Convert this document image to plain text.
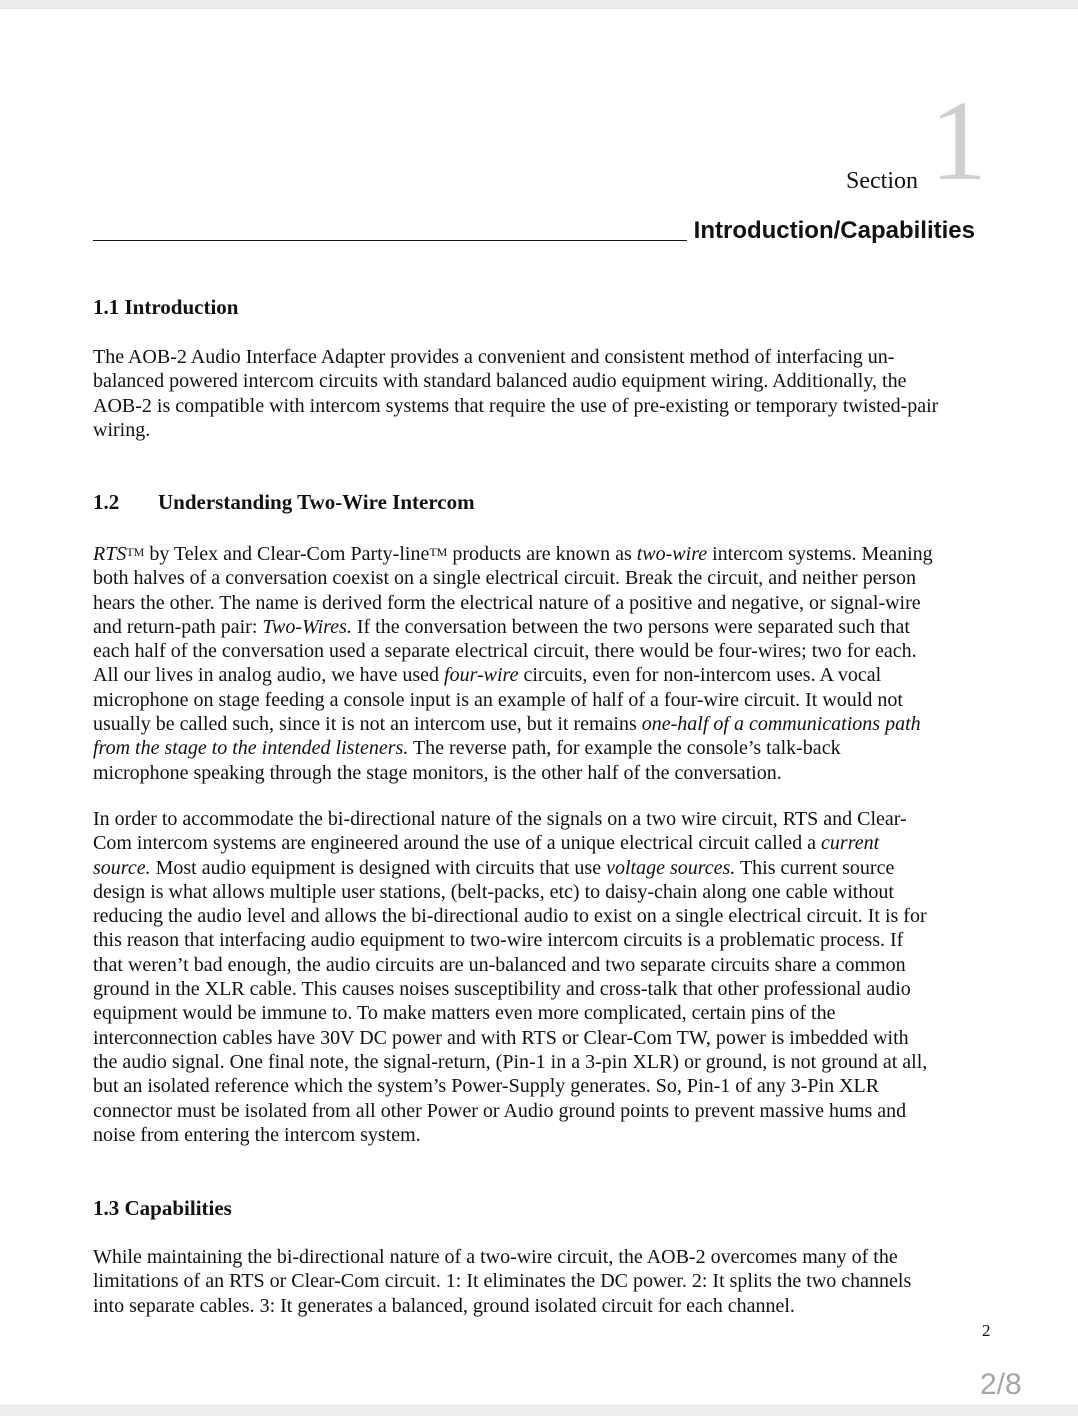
Section 1
Introduction/Capabilities
1.1 Introduction
The AOB-2 Audio Interface Adapter provides a convenient and consistent method of interfacing un-
balanced powered intercom circuits with standard balanced audio equipment wiring. Additionally, the
AOB-2 is compatible with intercom systems that require the use of pre-existing or temporary twisted-pair
wiring.
1.2 Understanding Two-Wire Intercom
RTS™ by Telex and Clear-Com Party-line™ products are known as two-wire intercom systems. Meaning
both halves of a conversation coexist on a single electrical circuit. Break the circuit, and neither person
hears the other. The name is derived form the electrical nature of a positive and negative, or signal-wire
and return-path pair: Two-Wires. If the conversation between the two persons were separated such that
each half of the conversation used a separate electrical circuit, there would be four-wires; two for each.
All our lives in analog audio, we have used four-wire circuits, even for non-intercom uses. A vocal
microphone on stage feeding a console input is an example of half of a four-wire circuit. It would not
usually be called such, since it is not an intercom use, but it remains one-half of a communications path
from the stage to the intended listeners. The reverse path, for example the console’s talk-back
microphone speaking through the stage monitors, is the other half of the conversation.
In order to accommodate the bi-directional nature of the signals on a two wire circuit, RTS and Clear-
Com intercom systems are engineered around the use of a unique electrical circuit called a current
source. Most audio equipment is designed with circuits that use voltage sources. This current source
design is what allows multiple user stations, (belt-packs, etc) to daisy-chain along one cable without
reducing the audio level and allows the bi-directional audio to exist on a single electrical circuit. It is for
this reason that interfacing audio equipment to two-wire intercom circuits is a problematic process. If
that weren’t bad enough, the audio circuits are un-balanced and two separate circuits share a common
ground in the XLR cable. This causes noises susceptibility and cross-talk that other professional audio
equipment would be immune to. To make matters even more complicated, certain pins of the
interconnection cables have 30V DC power and with RTS or Clear-Com TW, power is imbedded with
the audio signal. One final note, the signal-return, (Pin-1 in a 3-pin XLR) or ground, is not ground at all,
but an isolated reference which the system’s Power-Supply generates. So, Pin-1 of any 3-Pin XLR
connector must be isolated from all other Power or Audio ground points to prevent massive hums and
noise from entering the intercom system.
1.3 Capabilities
While maintaining the bi-directional nature of a two-wire circuit, the AOB-2 overcomes many of the
limitations of an RTS or Clear-Com circuit. 1: It eliminates the DC power. 2: It splits the two channels
into separate cables. 3: It generates a balanced, ground isolated circuit for each channel.
2
2/8
